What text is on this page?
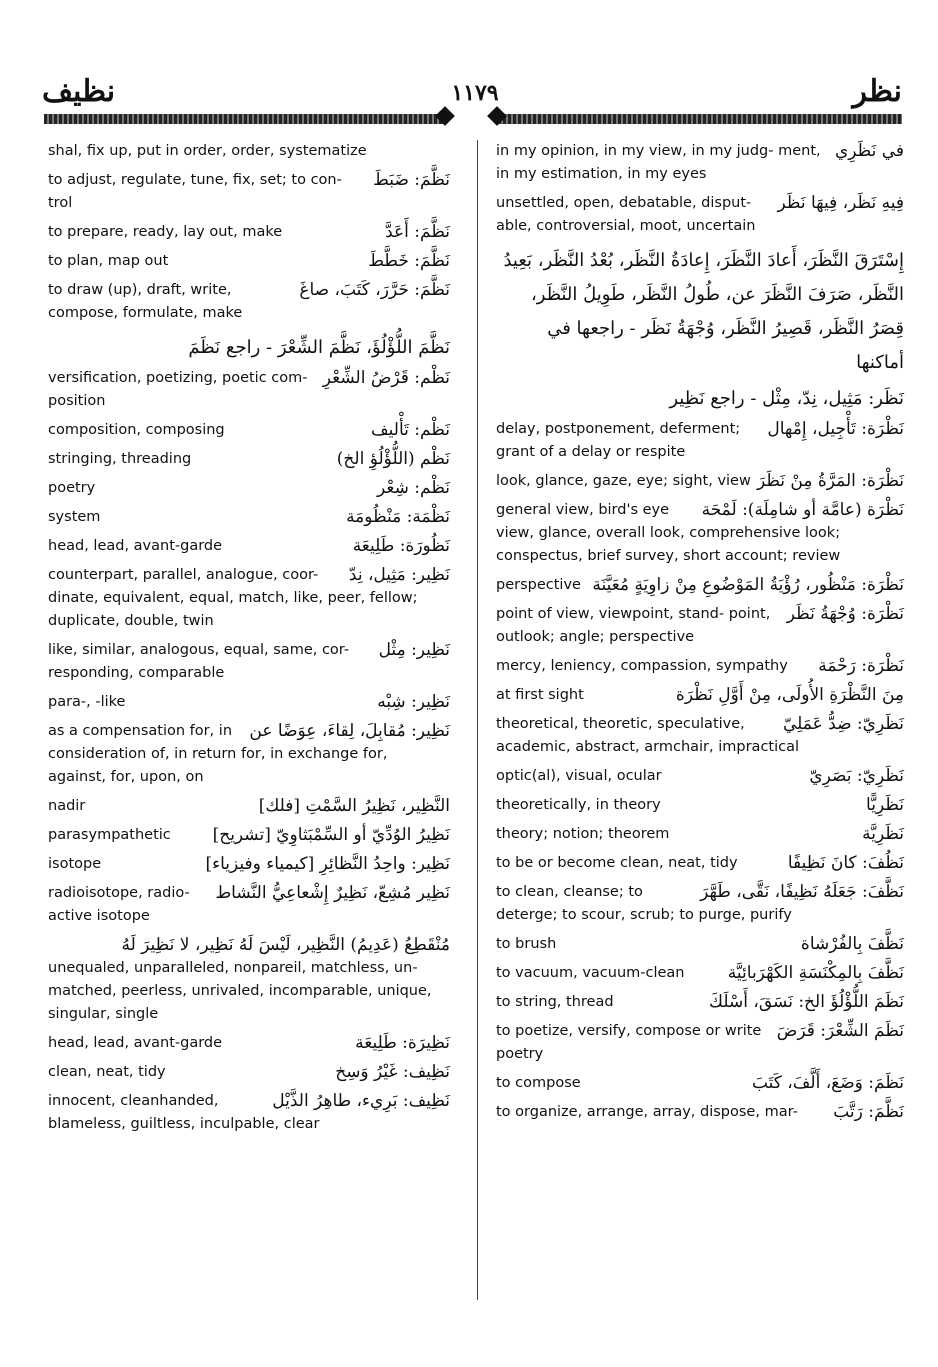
نظيف	١١٧٩	نظر
shal, fix up, put in order, order, systematize
نَظَّمَ: ضَبَطَ
to adjust, regulate, tune, fix, set; to con- trol
نَظَّمَ: أَعَدَّ
to prepare, ready, lay out, make
نَظَّمَ: خَطَّطَ
to plan, map out
نَظَّمَ: حَرَّرَ، كَتَبَ، صاغَ
to draw (up), draft, write, compose, formulate, make
نَظَّمَ اللُّؤْلُؤَ، نَظَّمَ الشِّعْرَ - راجع نَظَمَ
نَظْم: قَرْضُ الشِّعْرِ
versification, poetizing, poetic com- position
نَظْم: تَأْليف
composition, composing
نَظْم (اللُّؤْلُؤِ الخ)
stringing, threading
نَظْم: شِعْر
poetry
نَظْمَة: مَنْظُومَة
system
نَظُورَة: طَلِيعَة
head, lead, avant-garde
نَظِير: مَثِيل، نِدّ
counterpart, parallel, analogue, coor- dinate, equivalent, equal, match, like, peer, fellow; duplicate, double, twin
نَظِير: مِثْل
like, similar, analogous, equal, same, cor- responding, comparable
نَظِير: شِبْه
para-, -like
نَظِير: مُقابِلَ، لِقاءَ، عِوَضًا عن
as a compensation for, in consideration of, in return for, in exchange for, against, for, upon, on
النَّظِير، نَظِيرُ السَّمْتِ [فلك]
nadir
نَظِيرُ الوُدِّيّ أو السِّمْبَثاوِيّ [تشريح]
parasympathetic
نَظِير: واحِدُ النَّظائِرِ [كيمياء وفيزياء]
isotope
نَظِير مُشِعّ، نَظِيرٌ إِشْعاعِيُّ النَّشاط
radioisotope, radio- active isotope
مُنْقَطِعُ (عَدِيمُ) النَّظِير، لَيْسَ لَهُ نَظِير، لا نَظِيرَ لَهُ
unequaled, unparalleled, nonpareil, matchless, un- matched, peerless, unrivaled, incomparable, unique, singular, single
نَظِيرَة: طَلِيعَة
head, lead, avant-garde
نَظِيف: غَيْرُ وَسِخ
clean, neat, tidy
نَظِيف: بَرِيء، طاهِرُ الذَّيْل
innocent, cleanhanded, blameless, guiltless, inculpable, clear
في نَظَرِي
in my opinion, in my view, in my judg- ment, in my estimation, in my eyes
فِيهِ نَظَر، فِيهَا نَظَر
unsettled, open, debatable, disput- able, controversial, moot, uncertain
إِسْتَرَقَ النَّظَرَ، أَعادَ النَّظَرَ، إِعادَةُ النَّظَر، بُعْدُ النَّظَر، بَعِيدُ النَّظَر، صَرَفَ النَّظَرَ عن، طُولُ النَّظَر، طَوِيلُ النَّظَر، قِصَرُ النَّظَر، قَصِيرُ النَّظَر، وُجْهَةُ نَظَر - راجعها في أماكنها
نَظَر: مَثِيل، نِدّ، مِثْل - راجع نَظِير
نَظْرَة: تَأْجِيل، إِمْهال
delay, postponement, deferment; grant of a delay or respite
نَظْرَة: المَرَّةُ مِنْ نَظَرَ
look, glance, gaze, eye; sight, view
نَظْرَة (عامَّة أو شامِلَة): لَمْحَة
general view, bird's eye view, glance, overall look, comprehensive look; conspectus, brief survey, short account; review
نَظْرَة: مَنْظُور، رُؤْيَةُ المَوْضُوعِ مِنْ زاوِيَةٍ مُعَيَّنَة
perspective
نَظْرَة: وُجْهَةُ نَظَر
point of view, viewpoint, stand- point, outlook; angle; perspective
نَظْرَة: رَحْمَة
mercy, leniency, compassion, sympathy
مِنَ النَّظْرَةِ الأُولَى، مِنْ أَوَّلِ نَظْرَة
at first sight
نَظَرِيّ: ضِدُّ عَمَلِيّ
theoretical, theoretic, speculative, academic, abstract, armchair, impractical
نَظَرِيّ: بَصَرِيّ
optic(al), visual, ocular
نَظَرِيًّا
theoretically, in theory
نَظَرِيَّة
theory; notion; theorem
نَظُفَ: كانَ نَظِيفًا
to be or become clean, neat, tidy
نَظَّفَ: جَعَلَهُ نَظِيفًا، نَقَّى، طَهَّرَ
to clean, cleanse; to deterge; to scour, scrub; to purge, purify
نَظَّفَ بِالفُرْشاة
to brush
نَظَّفَ بِالمِكْنَسَةِ الكَهْرَبائِيَّة
to vacuum, vacuum-clean
نَظَمَ اللُّؤْلُؤَ الخ: نَسَقَ، أَسْلَكَ
to string, thread
نَظَمَ الشِّعْرَ: قَرَضَ
to poetize, versify, compose or write poetry
نَظَمَ: وَضَعَ، أَلَّفَ، كَتَبَ
to compose
نَظَّمَ: رَتَّبَ
to organize, arrange, array, dispose, mar-
